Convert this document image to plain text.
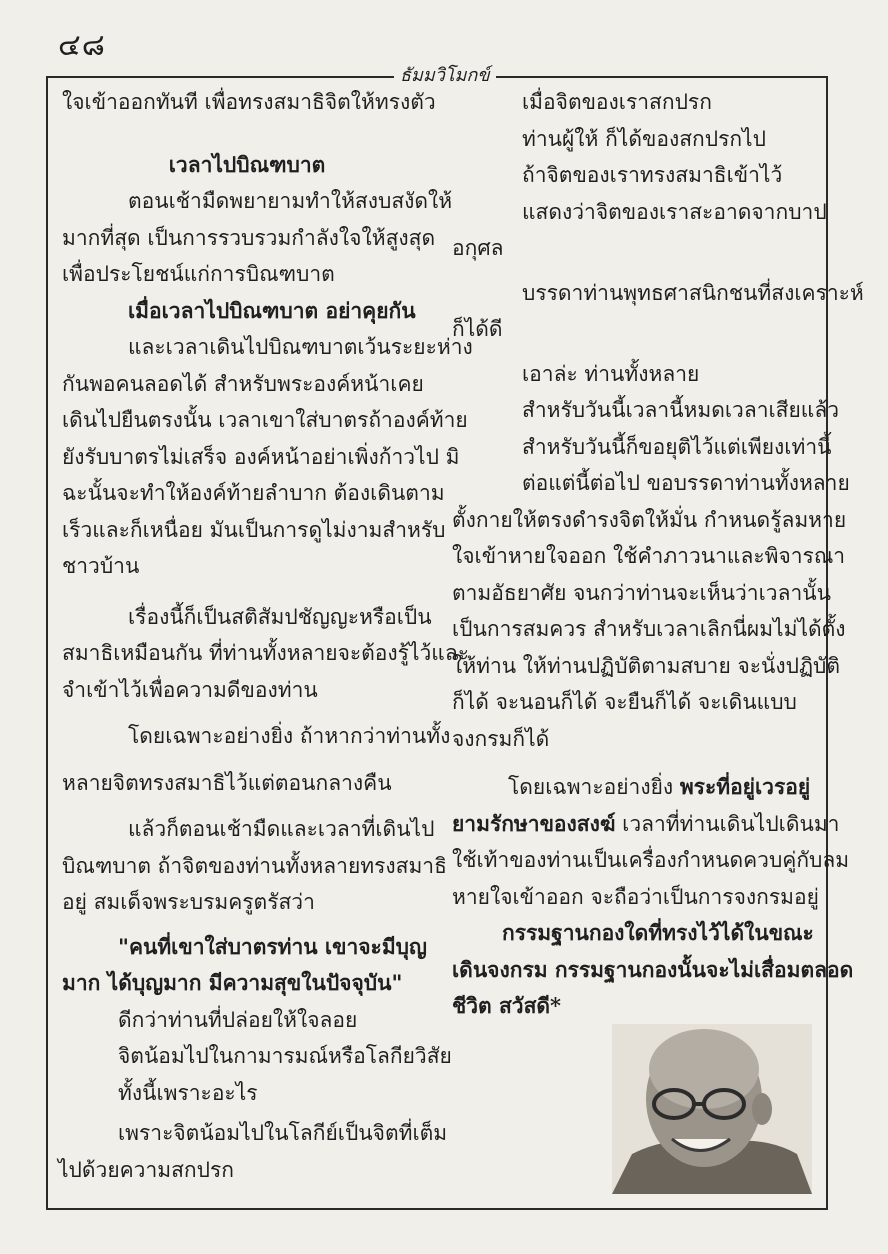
๔๘
ธัมมวิโมกข์
ใจเข้าออกทันที เพื่อทรงสมาธิจิตให้ทรงตัว
เวลาไปบิณฑบาต
ตอนเช้ามืดพยายามทำให้สงบสงัดให้
มากที่สุด เป็นการรวบรวมกำลังใจให้สูงสุด
เพื่อประโยชน์แก่การบิณฑบาต
เมื่อเวลาไปบิณฑบาต อย่าคุยกัน
และเวลาเดินไปบิณฑบาตเว้นระยะห่าง
กันพอคนลอดได้ สำหรับพระองค์หน้าเคย
เดินไปยืนตรงนั้น เวลาเขาใส่บาตรถ้าองค์ท้าย
ยังรับบาตรไม่เสร็จ องค์หน้าอย่าเพิ่งก้าวไป มิ
ฉะนั้นจะทำให้องค์ท้ายลำบาก ต้องเดินตาม
เร็วและก็เหนื่อย มันเป็นการดูไม่งามสำหรับ
ชาวบ้าน
เรื่องนี้ก็เป็นสติสัมปชัญญะหรือเป็น
สมาธิเหมือนกัน ที่ท่านทั้งหลายจะต้องรู้ไว้และ
จำเข้าไว้เพื่อความดีของท่าน
โดยเฉพาะอย่างยิ่ง ถ้าหากว่าท่านทั้ง
หลายจิตทรงสมาธิไว้แต่ตอนกลางคืน
แล้วก็ตอนเช้ามืดและเวลาที่เดินไป
บิณฑบาต ถ้าจิตของท่านทั้งหลายทรงสมาธิ
อยู่ สมเด็จพระบรมครูตรัสว่า
"คนที่เขาใส่บาตรท่าน เขาจะมีบุญ
มาก ได้บุญมาก มีความสุขในปัจจุบัน"
ดีกว่าท่านที่ปล่อยให้ใจลอย
จิตน้อมไปในกามารมณ์หรือโลกียวิสัย
ทั้งนี้เพราะอะไร
เพราะจิตน้อมไปในโลกีย์เป็นจิตที่เต็ม
ไปด้วยความสกปรก
เมื่อจิตของเราสกปรก
ท่านผู้ให้ ก็ได้ของสกปรกไป
ถ้าจิตของเราทรงสมาธิเข้าไว้
แสดงว่าจิตของเราสะอาดจากบาป
อกุศล
บรรดาท่านพุทธศาสนิกชนที่สงเคราะห์
ก็ได้ดี
เอาล่ะ ท่านทั้งหลาย
สำหรับวันนี้เวลานี้หมดเวลาเสียแล้ว
สำหรับวันนี้ก็ขอยุติไว้แต่เพียงเท่านี้
ต่อแต่นี้ต่อไป ขอบรรดาท่านทั้งหลาย
ตั้งกายให้ตรงดำรงจิตให้มั่น กำหนดรู้ลมหาย
ใจเข้าหายใจออก ใช้คำภาวนาและพิจารณา
ตามอัธยาศัย จนกว่าท่านจะเห็นว่าเวลานั้น
เป็นการสมควร สำหรับเวลาเลิกนี่ผมไม่ได้ตั้ง
ให้ท่าน ให้ท่านปฏิบัติตามสบาย จะนั่งปฏิบัติ
ก็ได้ จะนอนก็ได้ จะยืนก็ได้ จะเดินแบบ
จงกรมก็ได้
โดยเฉพาะอย่างยิ่ง พระที่อยู่เวรอยู่
ยามรักษาของสงฆ์ เวลาที่ท่านเดินไปเดินมา
ใช้เท้าของท่านเป็นเครื่องกำหนดควบคู่กับลม
หายใจเข้าออก จะถือว่าเป็นการจงกรมอยู่
กรรมฐานกองใดที่ทรงไว้ได้ในขณะ
เดินจงกรม กรรมฐานกองนั้นจะไม่เสื่อมตลอด
ชีวิต สวัสดี*
